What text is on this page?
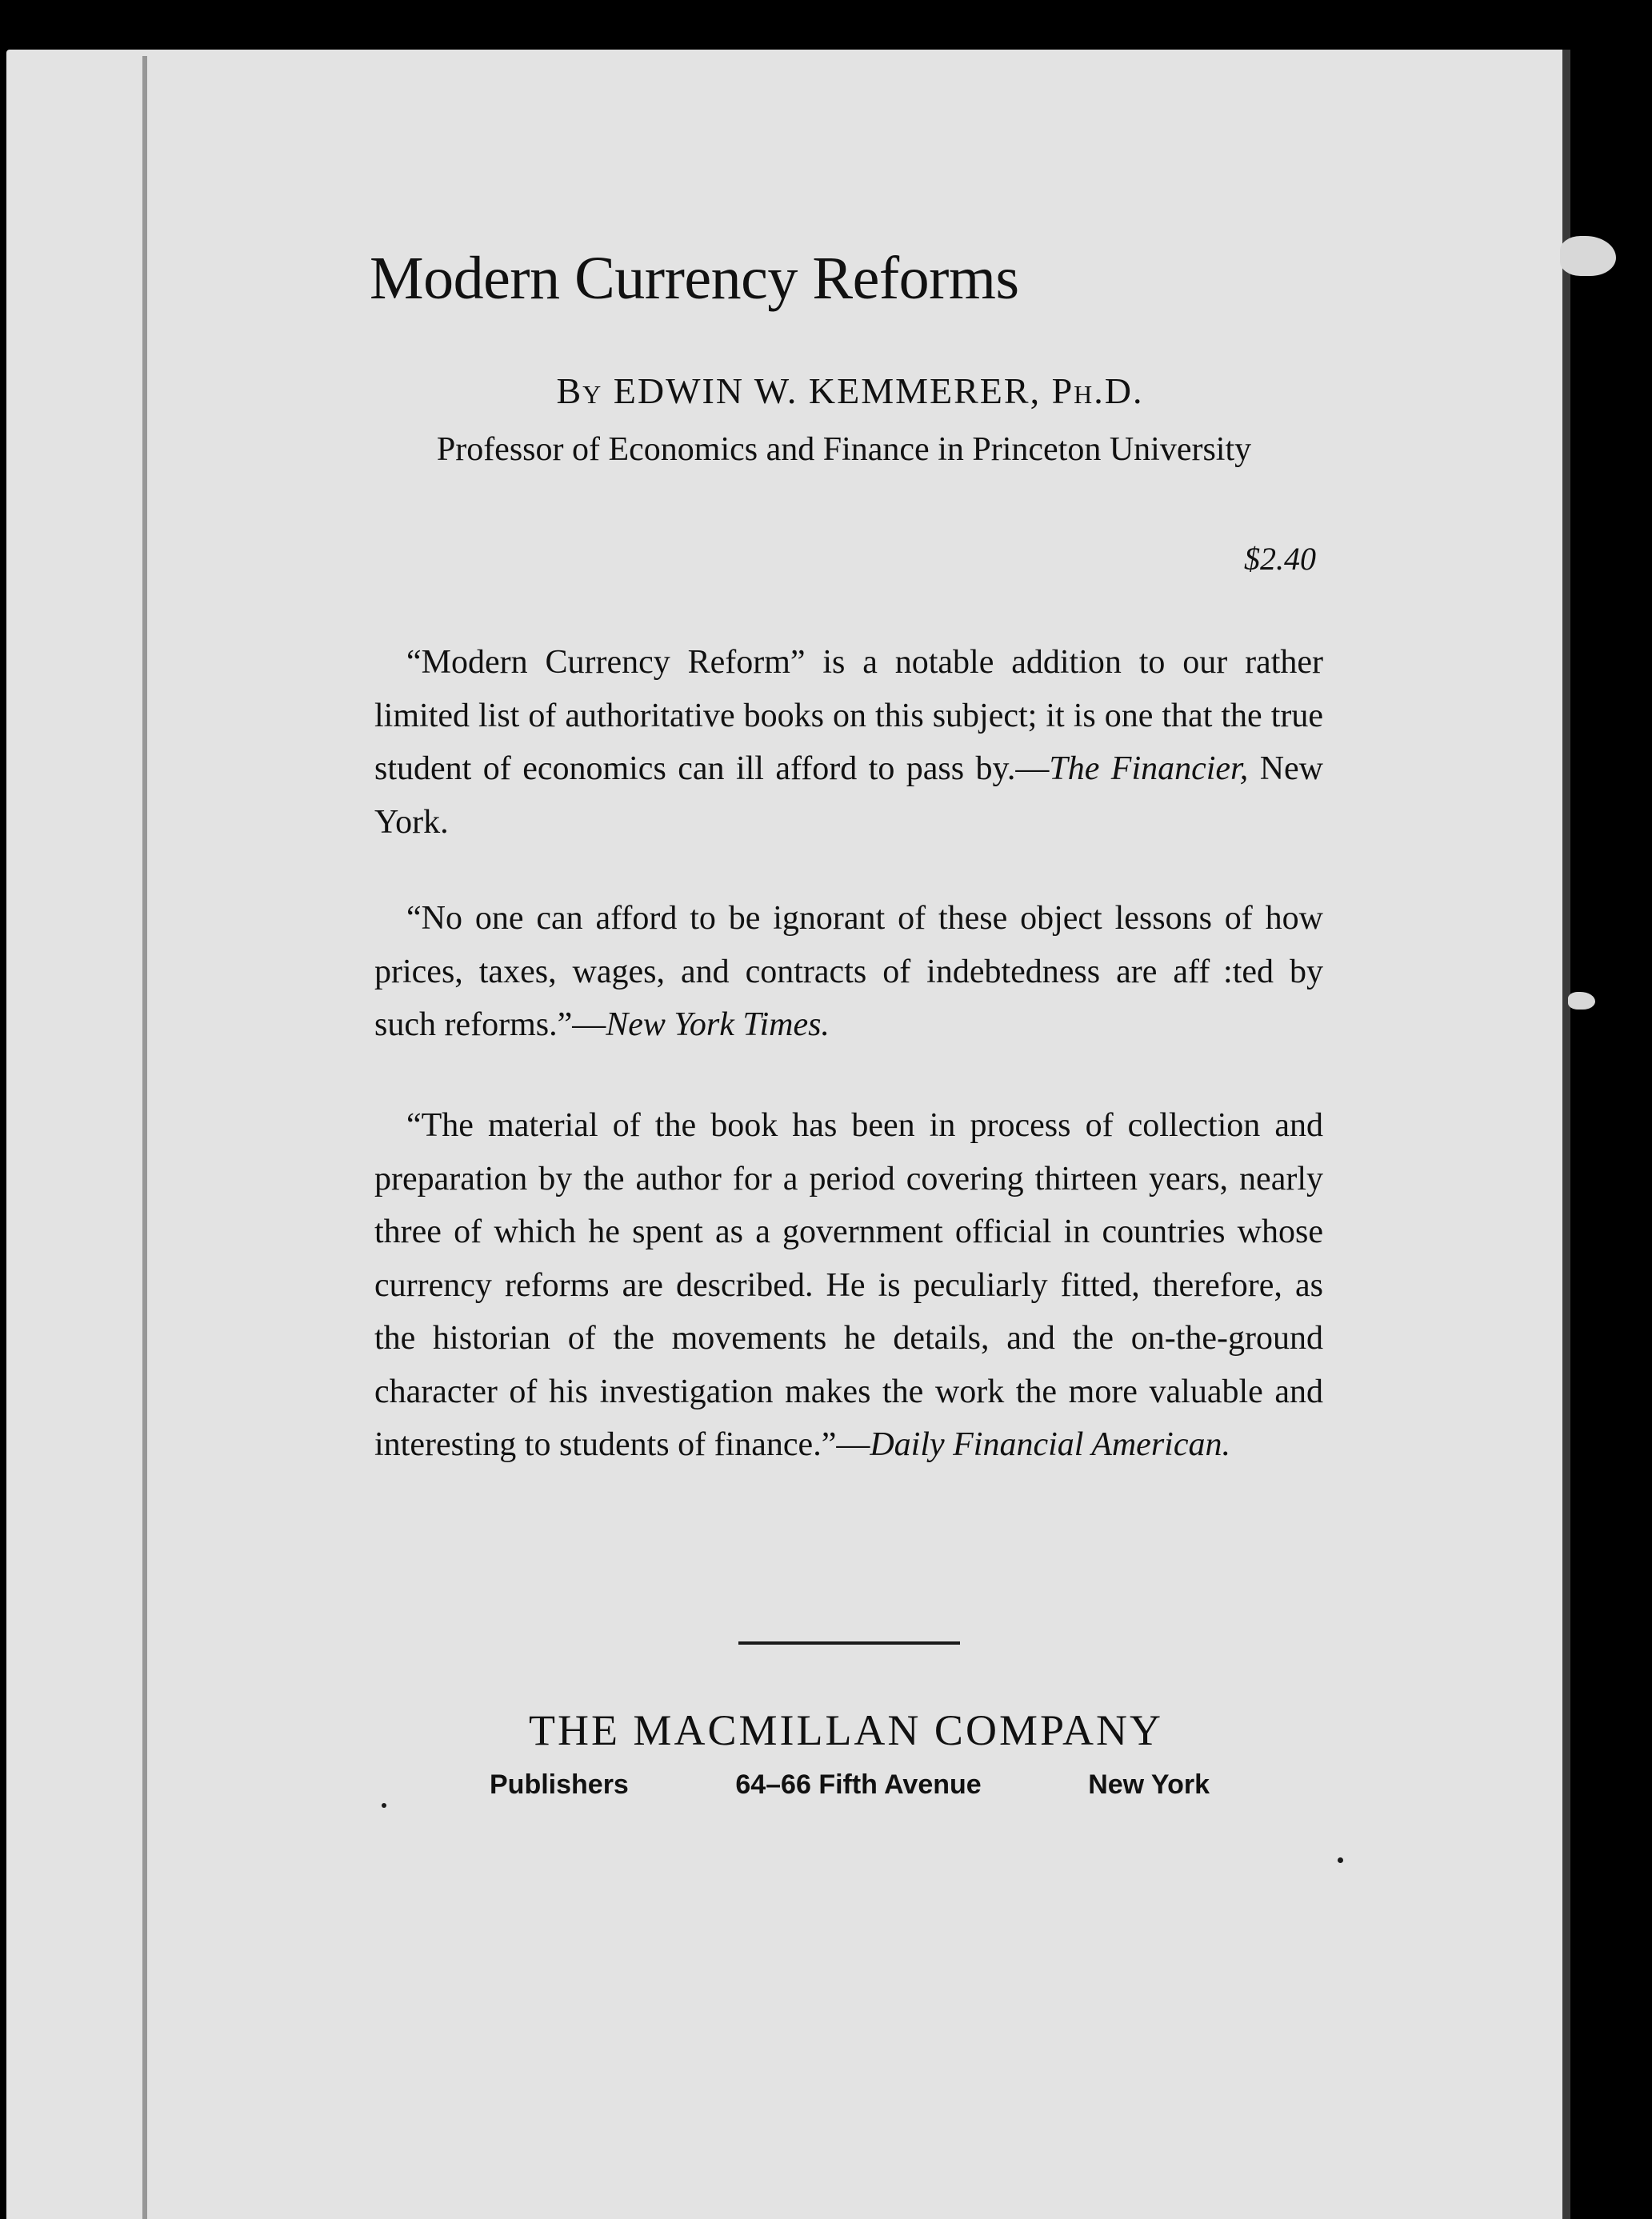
Modern Currency Reforms
By EDWIN W. KEMMERER, Ph.D.
Professor of Economics and Finance in Princeton University
$2.40

“Modern Currency Reform” is a notable addition to our rather limited list of authoritative books on this subject; it is one that the true student of economics can ill afford to pass by.—The Financier, New York.

“No one can afford to be ignorant of these object lessons of how prices, taxes, wages, and contracts of indebtedness are aff  :ted by such reforms.”—New York Times.

“The material of the book has been in process of collection and preparation by the author for a period covering thirteen years, nearly three of which he spent as a government official in countries whose currency reforms are described. He is peculiarly fitted, therefore, as the historian of the movements he details, and the on-the-ground character of his investigation makes the work the more valuable and interesting to students of finance.”—Daily Financial American.

THE MACMILLAN COMPANY
Publishers	64–66 Fifth Avenue	New York
